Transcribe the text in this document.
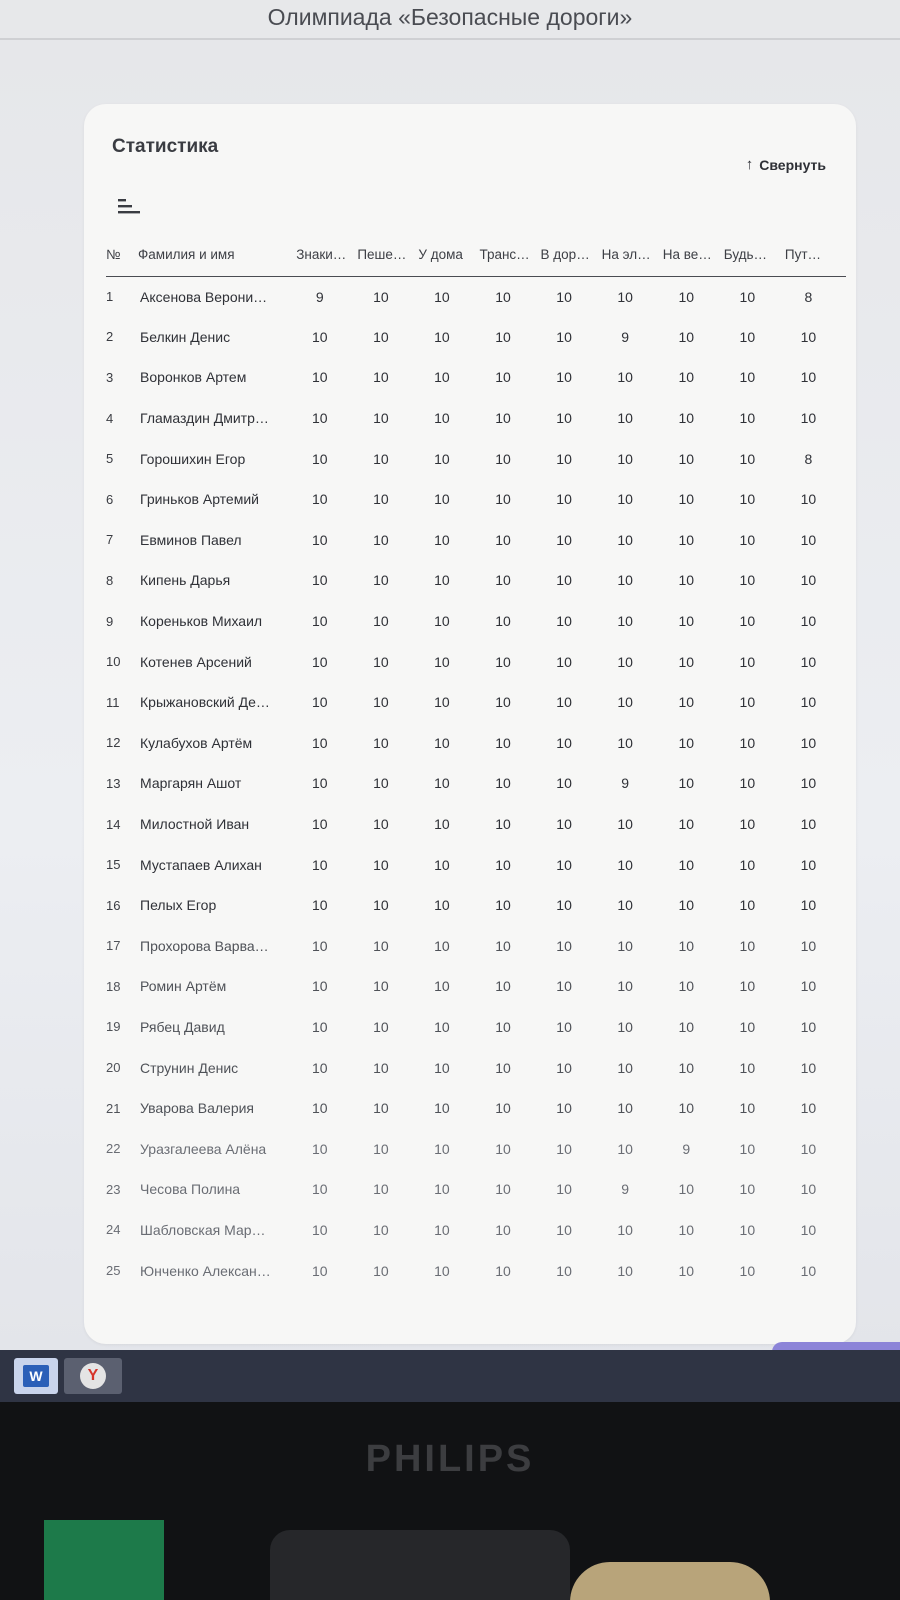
Олимпиада «Безопасные дороги»
Статистика
↑ Свернуть
№	Фамилия и имя	Знаки…	Пеше…	У дома	Транс…	В дор…	На эл…	На ве…	Будь…	Пут…
1	Аксенова Верони…	9	10	10	10	10	10	10	10	8
2	Белкин Денис	10	10	10	10	10	9	10	10	10
3	Воронков Артем	10	10	10	10	10	10	10	10	10
4	Гламаздин Дмитр…	10	10	10	10	10	10	10	10	10
5	Горошихин Егор	10	10	10	10	10	10	10	10	8
6	Гриньков Артемий	10	10	10	10	10	10	10	10	10
7	Евминов Павел	10	10	10	10	10	10	10	10	10
8	Кипень Дарья	10	10	10	10	10	10	10	10	10
9	Кореньков Михаил	10	10	10	10	10	10	10	10	10
10	Котенев Арсений	10	10	10	10	10	10	10	10	10
11	Крыжановский Де…	10	10	10	10	10	10	10	10	10
12	Кулабухов Артём	10	10	10	10	10	10	10	10	10
13	Маргарян Ашот	10	10	10	10	10	9	10	10	10
14	Милостной Иван	10	10	10	10	10	10	10	10	10
15	Мустапаев Алихан	10	10	10	10	10	10	10	10	10
16	Пелых Егор	10	10	10	10	10	10	10	10	10
17	Прохорова Варва…	10	10	10	10	10	10	10	10	10
18	Ромин Артём	10	10	10	10	10	10	10	10	10
19	Рябец Давид	10	10	10	10	10	10	10	10	10
20	Струнин Денис	10	10	10	10	10	10	10	10	10
21	Уварова Валерия	10	10	10	10	10	10	10	10	10
22	Уразгалеева Алёна	10	10	10	10	10	10	9	10	10
23	Чесова Полина	10	10	10	10	10	9	10	10	10
24	Шабловская Мар…	10	10	10	10	10	10	10	10	10
25	Юнченко Алексан…	10	10	10	10	10	10	10	10	10
W	Y
PHILIPS
